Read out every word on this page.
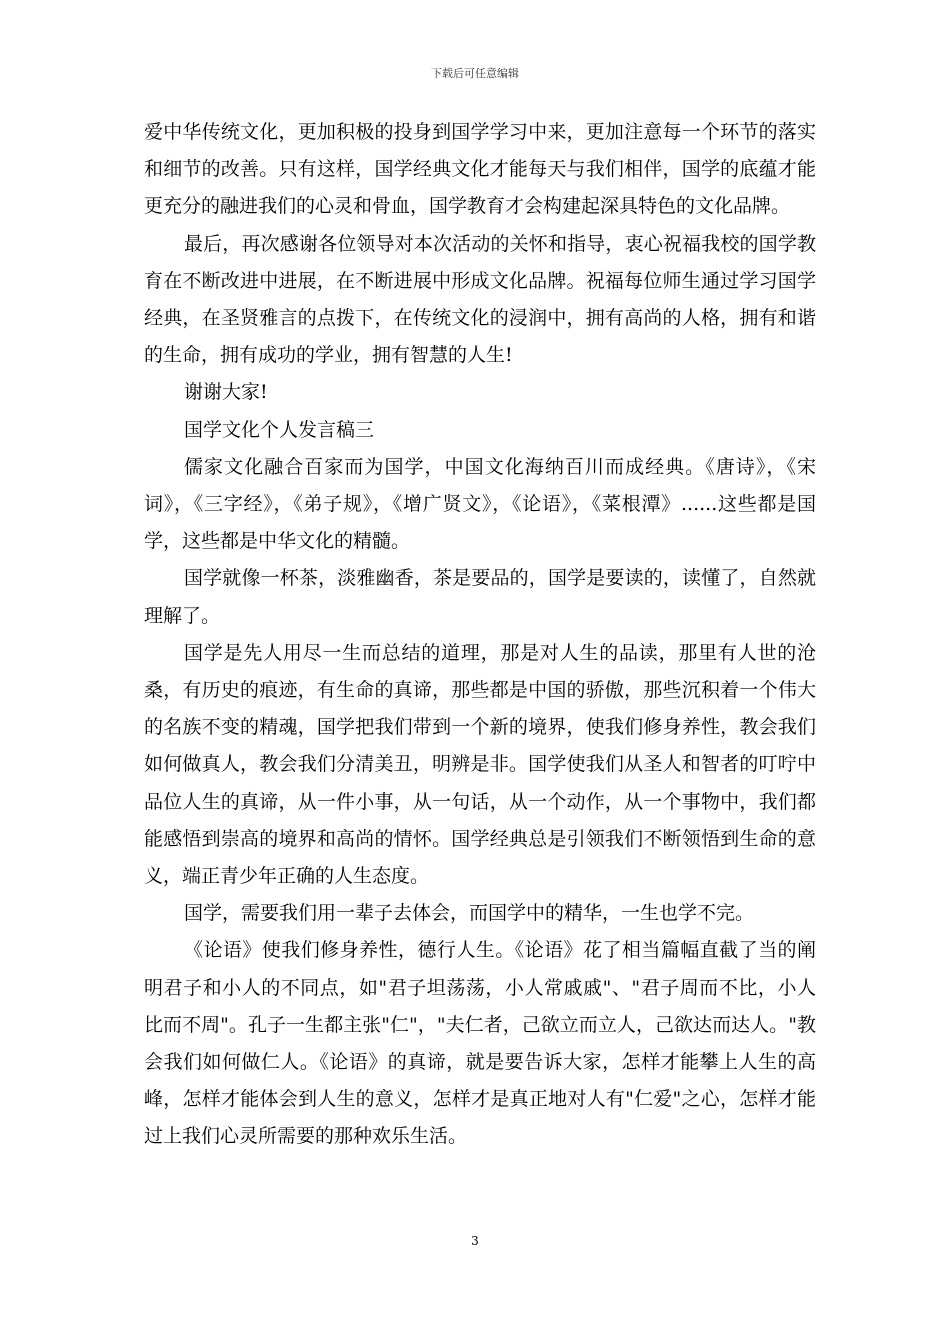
下载后可任意编辑

爱中华传统文化，更加积极的投身到国学学习中来，更加注意每一个环节的落实和细节的改善。只有这样，国学经典文化才能每天与我们相伴，国学的底蕴才能更充分的融进我们的心灵和骨血，国学教育才会构建起深具特色的文化品牌。

最后，再次感谢各位领导对本次活动的关怀和指导，衷心祝福我校的国学教育在不断改进中进展，在不断进展中形成文化品牌。祝福每位师生通过学习国学经典，在圣贤雅言的点拨下，在传统文化的浸润中，拥有高尚的人格，拥有和谐的生命，拥有成功的学业，拥有智慧的人生!

谢谢大家!

国学文化个人发言稿三

儒家文化融合百家而为国学，中国文化海纳百川而成经典。《唐诗》，《宋词》，《三字经》，《弟子规》，《增广贤文》，《论语》，《菜根潭》......这些都是国学，这些都是中华文化的精髓。

国学就像一杯茶，淡雅幽香，茶是要品的，国学是要读的，读懂了，自然就理解了。

国学是先人用尽一生而总结的道理，那是对人生的品读，那里有人世的沧桑，有历史的痕迹，有生命的真谛，那些都是中国的骄傲，那些沉积着一个伟大的名族不变的精魂，国学把我们带到一个新的境界，使我们修身养性，教会我们如何做真人，教会我们分清美丑，明辨是非。国学使我们从圣人和智者的叮咛中品位人生的真谛，从一件小事，从一句话，从一个动作，从一个事物中，我们都能感悟到崇高的境界和高尚的情怀。国学经典总是引领我们不断领悟到生命的意义，端正青少年正确的人生态度。

国学，需要我们用一辈子去体会，而国学中的精华，一生也学不完。

《论语》使我们修身养性，德行人生。《论语》花了相当篇幅直截了当的阐明君子和小人的不同点，如"君子坦荡荡，小人常戚戚"、"君子周而不比，小人比而不周"。孔子一生都主张"仁"，"夫仁者，己欲立而立人，己欲达而达人。"教会我们如何做仁人。《论语》的真谛，就是要告诉大家，怎样才能攀上人生的高峰，怎样才能体会到人生的意义，怎样才是真正地对人有"仁爱"之心，怎样才能过上我们心灵所需要的那种欢乐生活。

3
